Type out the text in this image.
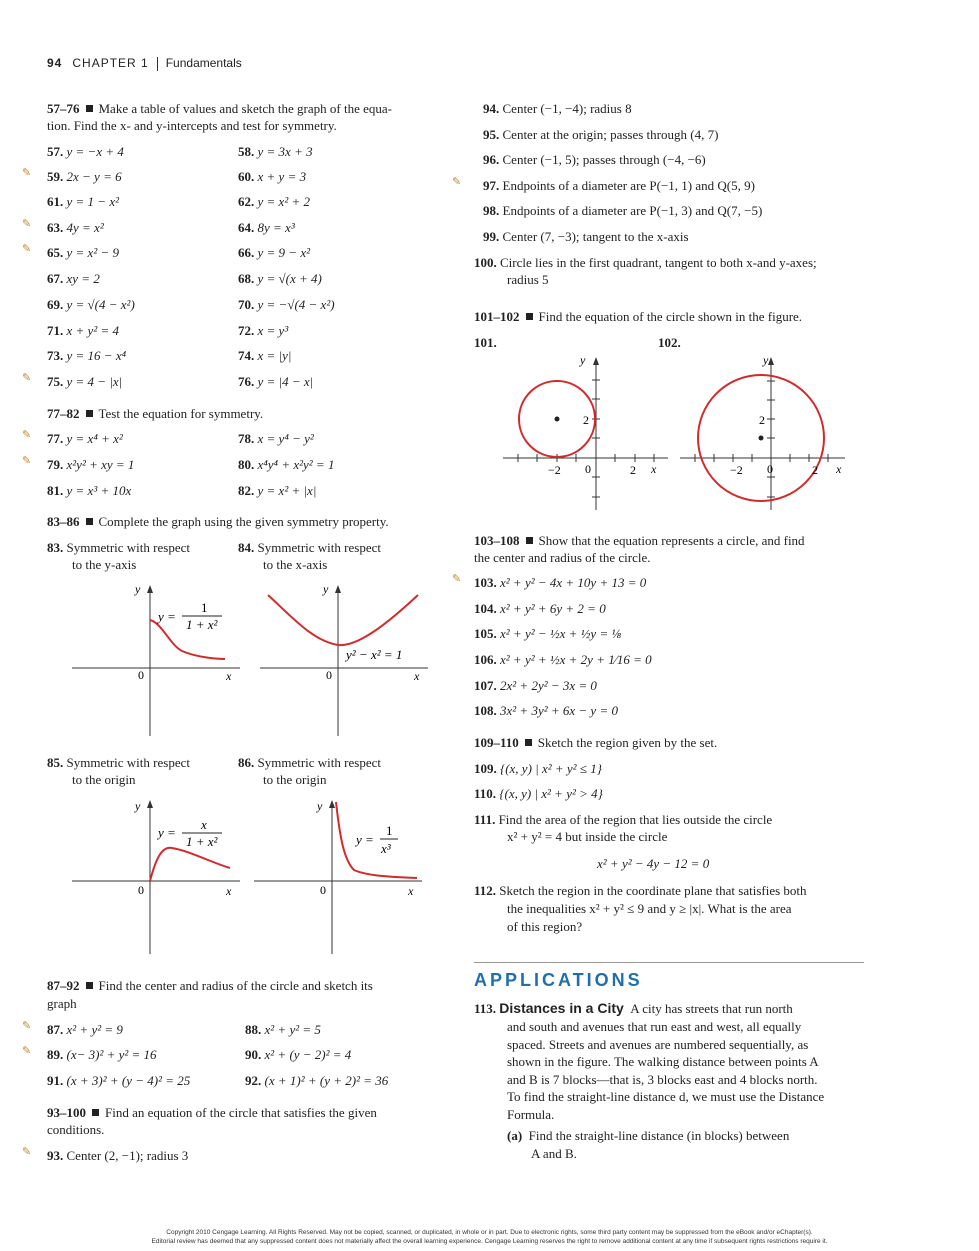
94 CHAPTER 1 Fundamentals
57–76 Make a table of values and sketch the graph of the equa-
tion. Find the x- and y-intercepts and test for symmetry.
57. y = −x + 4	58. y = 3x + 3
59. 2x − y = 6	60. x + y = 3
61. y = 1 − x²	62. y = x² + 2
63. 4y = x²	64. 8y = x³
65. y = x² − 9	66. y = 9 − x²
67. xy = 2	68. y = √(x + 4)
69. y = √(4 − x²)	70. y = −√(4 − x²)
71. x + y² = 4	72. x = y³
73. y = 16 − x⁴	74. x = |y|
75. y = 4 − |x|	76. y = |4 − x|
77–82 Test the equation for symmetry.
77. y = x⁴ + x²	78. x = y⁴ − y²
79. x²y² + xy = 1	80. x⁴y⁴ + x²y² = 1
81. y = x³ + 10x	82. y = x² + |x|
83–86 Complete the graph using the given symmetry property.
83. Symmetric with respect
to the y-axis
84. Symmetric with respect
to the x-axis
y
x
0
y =
1
1 + x²
y
x
0
y² − x² = 1
85. Symmetric with respect
to the origin
86. Symmetric with respect
to the origin
y
x
0
y =
x
1 + x²
y
x
0
y =
1
x³
87–92 Find the center and radius of the circle and sketch its
graph
87. x² + y² = 9	88. x² + y² = 5
89. (x− 3)² + y² = 16	90. x² + (y − 2)² = 4
91. (x + 3)² + (y − 4)² = 25	92. (x + 1)² + (y + 2)² = 36
93–100 Find an equation of the circle that satisfies the given
conditions.
93. Center (2, −1); radius 3
✎
✎
✎
✎
✎
✎
✎
✎
✎
94. Center (−1, −4); radius 8
95. Center at the origin; passes through (4, 7)
96. Center (−1, 5); passes through (−4, −6)
97. Endpoints of a diameter are P(−1, 1) and Q(5, 9)
98. Endpoints of a diameter are P(−1, 3) and Q(7, −5)
99. Center (7, −3); tangent to the x-axis
100. Circle lies in the first quadrant, tangent to both x-and y-axes;
radius 5
101–102 Find the equation of the circle shown in the figure.
101.	102.
y
x
0
2
2
−2
y
x
0
2
2
−2
103–108 Show that the equation represents a circle, and find
the center and radius of the circle.
103. x² + y² − 4x + 10y + 13 = 0
104. x² + y² + 6y + 2 = 0
105. x² + y² − ½x + ½y = ⅛
106. x² + y² + ½x + 2y + 1⁄16 = 0
107. 2x² + 2y² − 3x = 0
108. 3x² + 3y² + 6x − y = 0
109–110 Sketch the region given by the set.
109. {(x, y) | x² + y² ≤ 1}
110. {(x, y) | x² + y² > 4}
111. Find the area of the region that lies outside the circle
x² + y² = 4 but inside the circle
x² + y² − 4y − 12 = 0
112. Sketch the region in the coordinate plane that satisfies both
the inequalities x² + y² ≤ 9 and y ≥ |x|. What is the area
of this region?
APPLICATIONS
113. Distances in a City A city has streets that run north
and south and avenues that run east and west, all equally
spaced. Streets and avenues are numbered sequentially, as
shown in the figure. The walking distance between points A
and B is 7 blocks—that is, 3 blocks east and 4 blocks north.
To find the straight-line distance d, we must use the Distance
Formula.
(a) Find the straight-line distance (in blocks) between
A and B.
✎
✎
Copyright 2010 Cengage Learning. All Rights Reserved. May not be copied, scanned, or duplicated, in whole or in part. Due to electronic rights, some third party content may be suppressed from the eBook and/or eChapter(s).
Editorial review has deemed that any suppressed content does not materially affect the overall learning experience. Cengage Learning reserves the right to remove additional content at any time if subsequent rights restrictions require it.
